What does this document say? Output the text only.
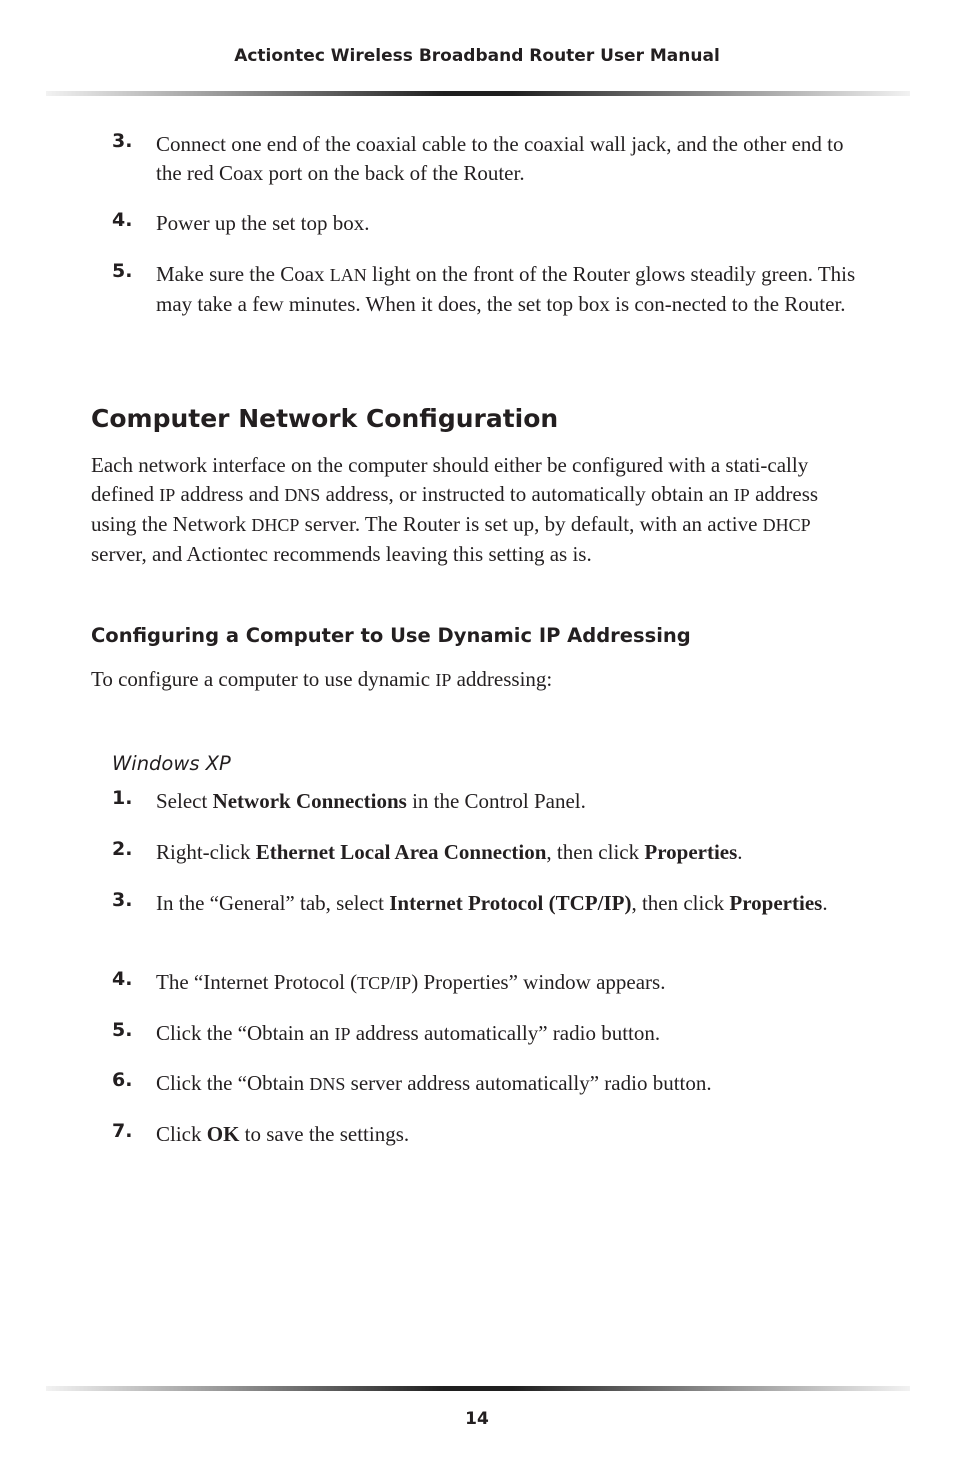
Actiontec Wireless Broadband Router User Manual
3. Connect one end of the coaxial cable to the coaxial wall jack, and the other end to the red Coax port on the back of the Router.
4. Power up the set top box.
5. Make sure the Coax LAN light on the front of the Router glows steadily green. This may take a few minutes. When it does, the set top box is con-nected to the Router.
Computer Network Configuration

Each network interface on the computer should either be configured with a stati-cally defined IP address and DNS address, or instructed to automatically obtain an IP address using the Network DHCP server. The Router is set up, by default, with an active DHCP server, and Actiontec recommends leaving this setting as is.

Configuring a Computer to Use Dynamic IP Addressing

To configure a computer to use dynamic IP addressing:

Windows XP
1. Select Network Connections in the Control Panel.
2. Right-click Ethernet Local Area Connection, then click Properties.
3. In the “General” tab, select Internet Protocol (TCP/IP), then click Properties.
4. The “Internet Protocol (TCP/IP) Properties” window appears.
5. Click the “Obtain an IP address automatically” radio button.
6. Click the “Obtain DNS server address automatically” radio button.
7. Click OK to save the settings.
14
